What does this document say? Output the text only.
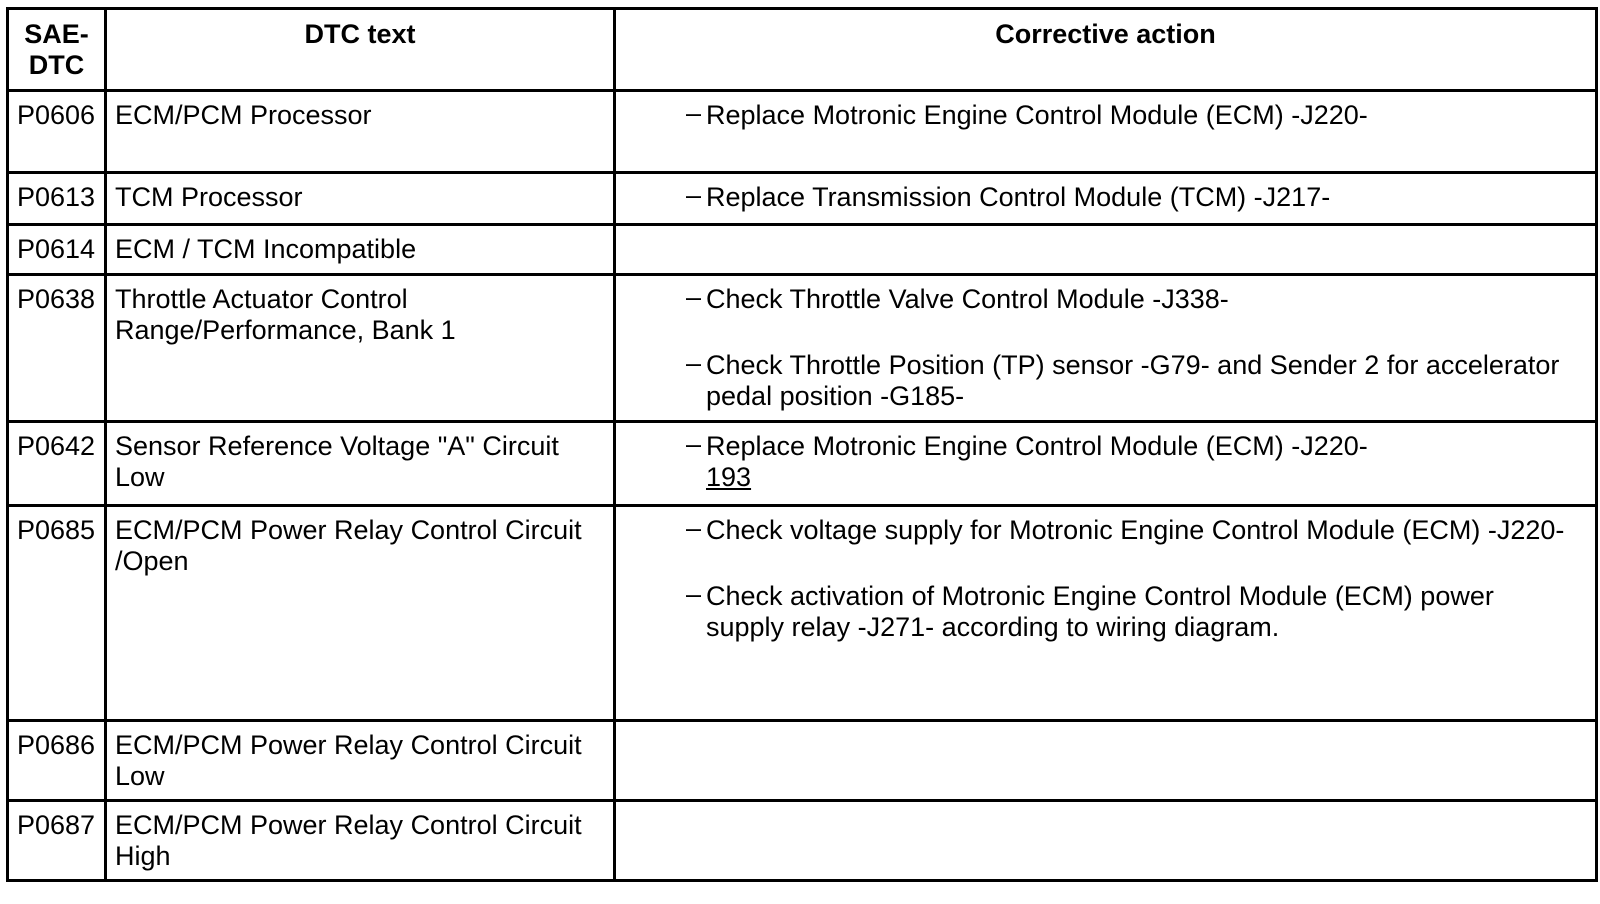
SAE-
DTC	DTC text	Corrective action
P0606	ECM/PCM Processor	– Replace Motronic Engine Control Module (ECM) -J220-

P0613	TCM Processor	– Replace Transmission Control Module (TCM) -J217-

P0614	ECM / TCM Incompatible	
P0638	Throttle Actuator Control Range/Performance, Bank 1	– Check Throttle Valve Control Module -J338-
– Check Throttle Position (TP) sensor -G79- and Sender 2 for accelerator pedal position -G185-

P0642	Sensor Reference Voltage "A" Circuit Low	– Replace Motronic Engine Control Module (ECM) -J220-
193

P0685	ECM/PCM Power Relay Control Circuit /Open	– Check voltage supply for Motronic Engine Control Module (ECM) -J220-
– Check activation of Motronic Engine Control Module (ECM) power supply relay -J271- according to wiring diagram.

P0686	ECM/PCM Power Relay Control Circuit Low	
P0687	ECM/PCM Power Relay Control Circuit High	
